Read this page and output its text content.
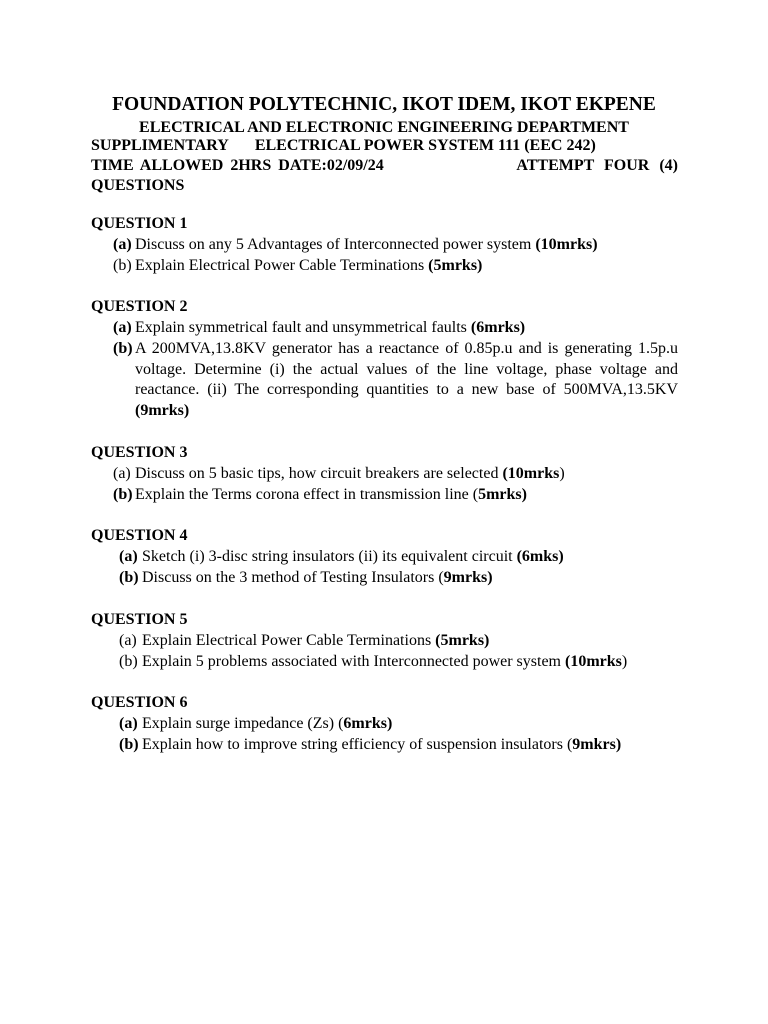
FOUNDATION POLYTECHNIC, IKOT IDEM, IKOT EKPENE
ELECTRICAL AND ELECTRONIC ENGINEERING DEPARTMENT
SUPPLIMENTARY ELECTRICAL POWER SYSTEM 111 (EEC 242)
TIME ALLOWED 2HRS DATE:02/09/24	ATTEMPT FOUR (4)
QUESTIONS
QUESTION 1
(a) Discuss on any 5 Advantages of Interconnected power system (10mrks)
(b) Explain Electrical Power Cable Terminations (5mrks)
QUESTION 2
(a) Explain symmetrical fault and unsymmetrical faults (6mrks)
(b) A 200MVA,13.8KV generator has a reactance of 0.85p.u and is generating 1.5p.u voltage. Determine (i) the actual values of the line voltage, phase voltage and reactance. (ii) The corresponding quantities to a new base of 500MVA,13.5KV (9mrks)
QUESTION 3
(a) Discuss on 5 basic tips, how circuit breakers are selected (10mrks)
(b) Explain the Terms corona effect in transmission line (5mrks)
QUESTION 4
(a) Sketch (i) 3-disc string insulators (ii) its equivalent circuit (6mks)
(b) Discuss on the 3 method of Testing Insulators (9mrks)
QUESTION 5
(a) Explain Electrical Power Cable Terminations (5mrks)
(b) Explain 5 problems associated with Interconnected power system (10mrks)
QUESTION 6
(a) Explain surge impedance (Zs) (6mrks)
(b) Explain how to improve string efficiency of suspension insulators (9mkrs)
